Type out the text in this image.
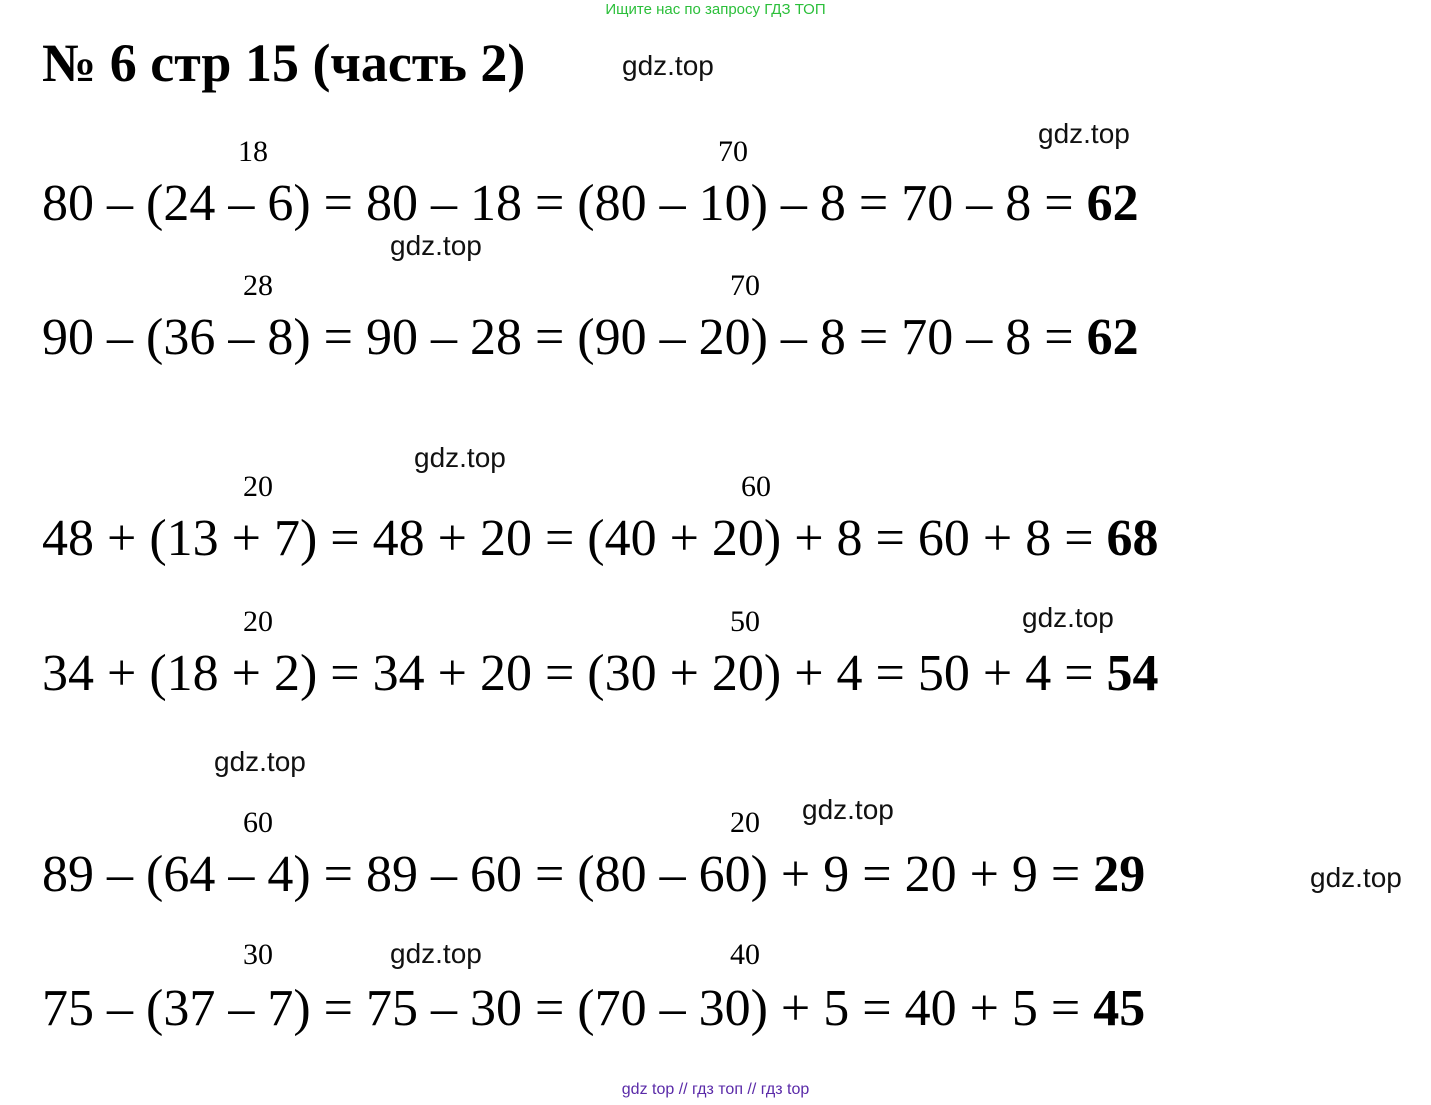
Ищите нас по запросу ГДЗ ТОП
№ 6 стр 15 (часть 2)	gdz.top
gdz.top
gdz.top
gdz.top
gdz.top
gdz.top
gdz.top
gdz.top
gdz.top
18	70
80 – (24 – 6) = 80 – 18 = (80 – 10) – 8 = 70 – 8 = 62
28	70
90 – (36 – 8) = 90 – 28 = (90 – 20) – 8 = 70 – 8 = 62
20	60
48 + (13 + 7) = 48 + 20 = (40 + 20) + 8 = 60 + 8 = 68
20	50
34 + (18 + 2) = 34 + 20 = (30 + 20) + 4 = 50 + 4 = 54
60	20
89 – (64 – 4) = 89 – 60 = (80 – 60) + 9 = 20 + 9 = 29
30	40
75 – (37 – 7) = 75 – 30 = (70 – 30) + 5 = 40 + 5 = 45
gdz top // гдз топ // гдз top
